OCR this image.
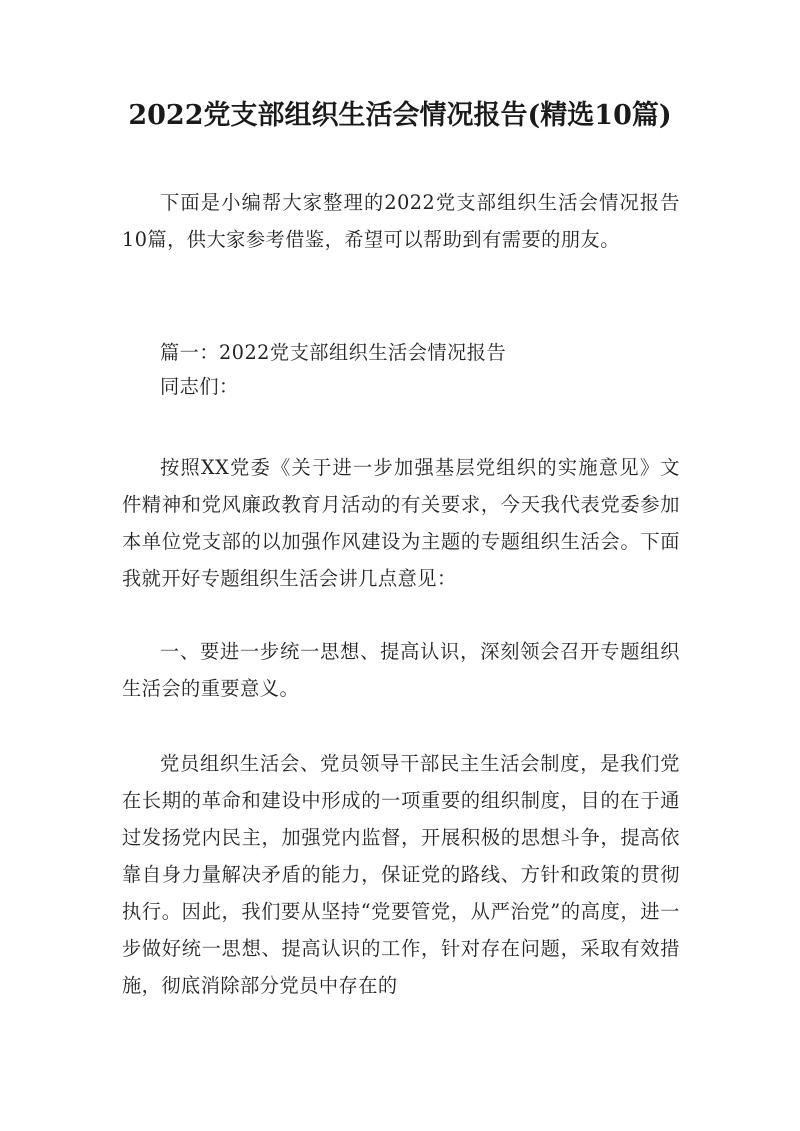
2022党支部组织生活会情况报告(精选10篇)

下面是小编帮大家整理的2022党支部组织生活会情况报告10篇，供大家参考借鉴，希望可以帮助到有需要的朋友。

篇一：2022党支部组织生活会情况报告

同志们：

按照XX党委《关于进一步加强基层党组织的实施意见》文件精神和党风廉政教育月活动的有关要求，今天我代表党委参加本单位党支部的以加强作风建设为主题的专题组织生活会。下面我就开好专题组织生活会讲几点意见：

一、要进一步统一思想、提高认识，深刻领会召开专题组织生活会的重要意义。

党员组织生活会、党员领导干部民主生活会制度，是我们党在长期的革命和建设中形成的一项重要的组织制度，目的在于通过发扬党内民主，加强党内监督，开展积极的思想斗争，提高依靠自身力量解决矛盾的能力，保证党的路线、方针和政策的贯彻执行。因此，我们要从坚持“党要管党，从严治党”的高度，进一步做好统一思想、提高认识的工作，针对存在问题，采取有效措施，彻底消除部分党员中存在的
